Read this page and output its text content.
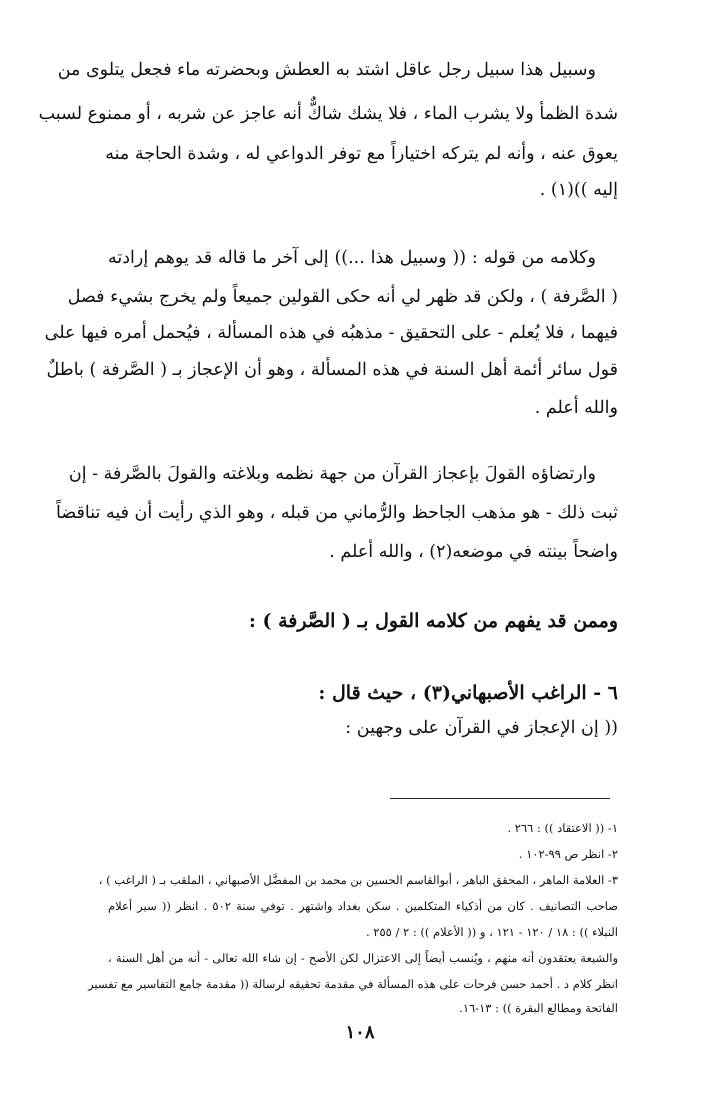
وسبيل هذا سبيل رجل عاقل اشتد به العطش وبحضرته ماء فجعل يتلوى من
شدة الظمأ ولا يشرب الماء ، فلا يشك شاكٌّ أنه عاجز عن شربه ، أو ممنوع لسبب
يعوق عنه ، وأنه لم يتركه اختياراً مع توفر الدواعي له ، وشدة الحاجة منه
إليه ))(١) .
وكلامه من قوله : (( وسبيل هذا ...)) إلى آخر ما قاله قد يوهم إرادته
( الصَّرفة ) ، ولكن قد ظهر لي أنه حكى القولين جميعاً ولم يخرج بشيء فصل
فيهما ، فلا يُعلم - على التحقيق - مذهبُه في هذه المسألة ، فيُحمل أمره فيها على
قول سائر أئمة أهل السنة في هذه المسألة ، وهو أن الإعجاز بـ ( الصَّرفة ) باطلٌ
والله أعلم .
وارتضاؤه القولَ بإعجاز القرآن من جهة نظمه وبلاغته والقولَ بالصَّرفة - إن
ثبت ذلك - هو مذهب الجاحظ والرُّماني من قبله ، وهو الذي رأيت أن فيه تناقضاً
واضحاً بينته في موضعه(٢) ، والله أعلم .
وممن قد يفهم من كلامه القول بـ ( الصَّرفة ) :
٦ - الراغب الأصبهاني(٣) ، حيث قال :
(( إن الإعجاز في القرآن على وجهين :
١- (( الاعتقاد )) : ٢٦٦ .
٢- انظر ص ٩٩-١٠٢ .
٣- العلامة الماهر ، المحقق الباهر ، أبوالقاسم الحسين بن محمد بن المفضَّل الأصبهاني ، الملقب بـ ( الراغب ) ،
صاحب التصانيف . كان من أذكياء المتكلمين . سكن بغداد واشتهر . توفي سنة ٥٠٢ . انظر (( سير أعلام
النبلاء )) : ١٨ / ١٢٠ - ١٢١ ، و (( الأعلام )) : ٢ / ٢٥٥ .
والشيعة يعتقدون أنه منهم ، ويُنسب أيضاً إلى الاعتزال لكن الأصح - إن شاء الله تعالى - أنه من أهل السنة ،
انظر كلام د . أحمد حسن فرحات على هذه المسألة في مقدمة تحقيقه لرسالة (( مقدمة جامع التفاسير مع تفسير
الفاتحة ومطالع البقرة )) : ١٣-١٦.
١٠٨
